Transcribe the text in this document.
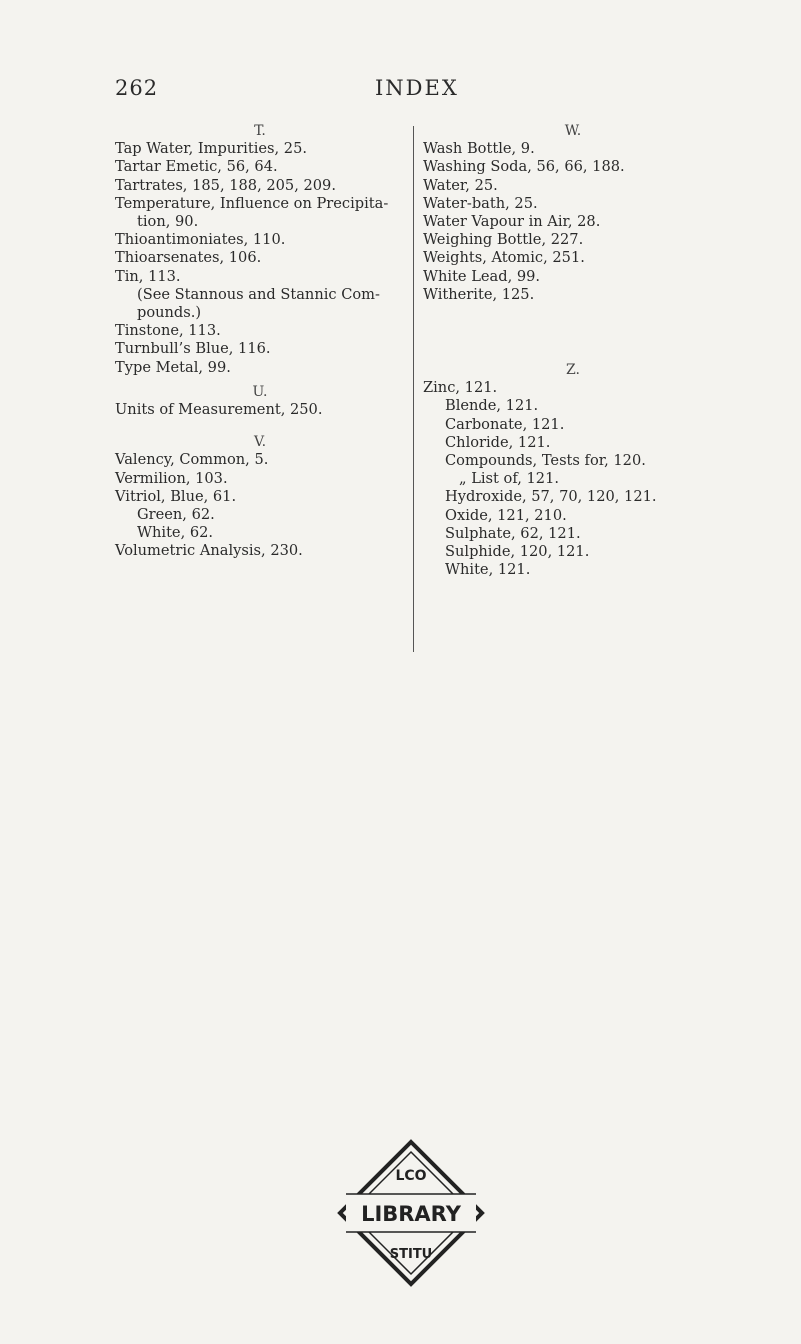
262	INDEX

T.

Tap Water, Impurities, 25.

Tartar Emetic, 56, 64.

Tartrates, 185, 188, 205, 209.

Temperature, Influence on Precipita-

tion, 90.

Thioantimoniates, 110.

Thioarsenates, 106.

Tin, 113.

(See Stannous and Stannic Com-

pounds.)

Tinstone, 113.

Turnbull’s Blue, 116.

Type Metal, 99.

U.

Units of Measurement, 250.

V.

Valency, Common, 5.

Vermilion, 103.

Vitriol, Blue, 61.

Green, 62.

White, 62.

Volumetric Analysis, 230.

W.

Wash Bottle, 9.

Washing Soda, 56, 66, 188.

Water, 25.

Water-bath, 25.

Water Vapour in Air, 28.

Weighing Bottle, 227.

Weights, Atomic, 251.

White Lead, 99.

Witherite, 125.

Z.

Zinc, 121.

Blende, 121.

Carbonate, 121.

Chloride, 121.

Compounds, Tests for, 120.

„ List of, 121.

Hydroxide, 57, 70, 120, 121.

Oxide, 121, 210.

Sulphate, 62, 121.

Sulphide, 120, 121.

White, 121.

LIBRARY
LCO
STITU
